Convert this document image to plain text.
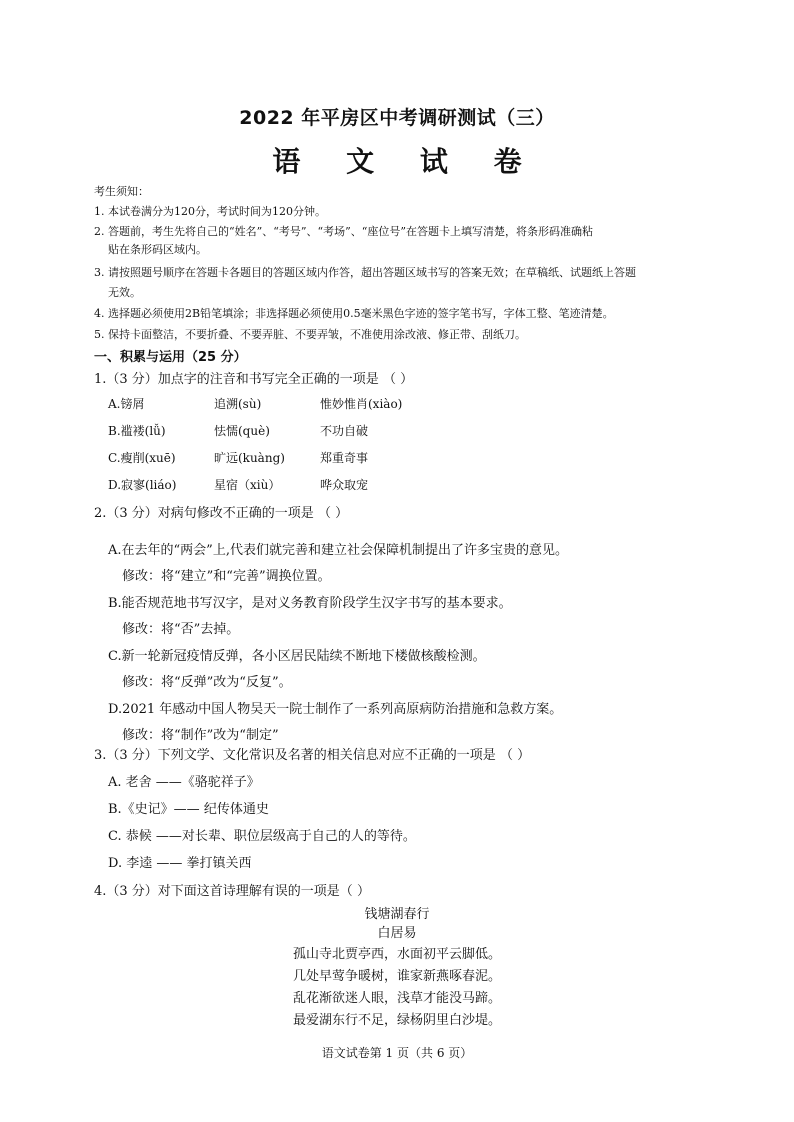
2022 年平房区中考调研测试（三）
语 文 试 卷
考生须知：
1. 本试卷满分为120分，考试时间为120分钟。
2. 答题前，考生先将自己的“姓名”、“考号”、“考场”、“座位号”在答题卡上填写清楚，将条形码准确粘
贴在条形码区域内。
3. 请按照题号顺序在答题卡各题目的答题区域内作答，超出答题区域书写的答案无效；在草稿纸、试题纸上答题
无效。
4. 选择题必须使用2B铅笔填涂；非选择题必须使用0.5毫米黑色字迹的签字笔书写，字体工整、笔迹清楚。
5. 保持卡面整洁，不要折叠、不要弄脏、不要弄皱，不准使用涂改液、修正带、刮纸刀。
一、积累与运用（25 分）
1.（3 分）加点字的注音和书写完全正确的一项是 （ ）
A.镑屑	追溯(sù)	惟妙惟肖(xiào)
B.褴褛(lǚ)	怯懦(què)	不功自破
C.瘦削(xuē)	旷远(kuàng)	郑重奇事
D.寂寥(liáo)	星宿（xiù）	哗众取宠
2.（3 分）对病句修改不正确的一项是 （ ）
A.在去年的“两会”上,代表们就完善和建立社会保障机制提出了许多宝贵的意见。
修改：将“建立”和“完善”调换位置。
B.能否规范地书写汉字，是对义务教育阶段学生汉字书写的基本要求。
修改：将“否”去掉。
C.新一轮新冠疫情反弹，各小区居民陆续不断地下楼做核酸检测。
修改：将“反弹”改为“反复”。
D.2021 年感动中国人物吴天一院士制作了一系列高原病防治措施和急救方案。
修改：将“制作”改为“制定”
3.（3 分）下列文学、文化常识及名著的相关信息对应不正确的一项是 （ ）
A. 老舍 ——《骆驼祥子》
B.《史记》—— 纪传体通史
C. 恭候 ——对长辈、职位层级高于自己的人的等待。
D. 李逵 —— 拳打镇关西
4.（3 分）对下面这首诗理解有误的一项是（ ）
钱塘湖春行
白居易
孤山寺北贾亭西，水面初平云脚低。
几处早莺争暖树，谁家新燕啄春泥。
乱花渐欲迷人眼，浅草才能没马蹄。
最爱湖东行不足，绿杨阴里白沙堤。
语文试卷第 1 页（共 6 页）
